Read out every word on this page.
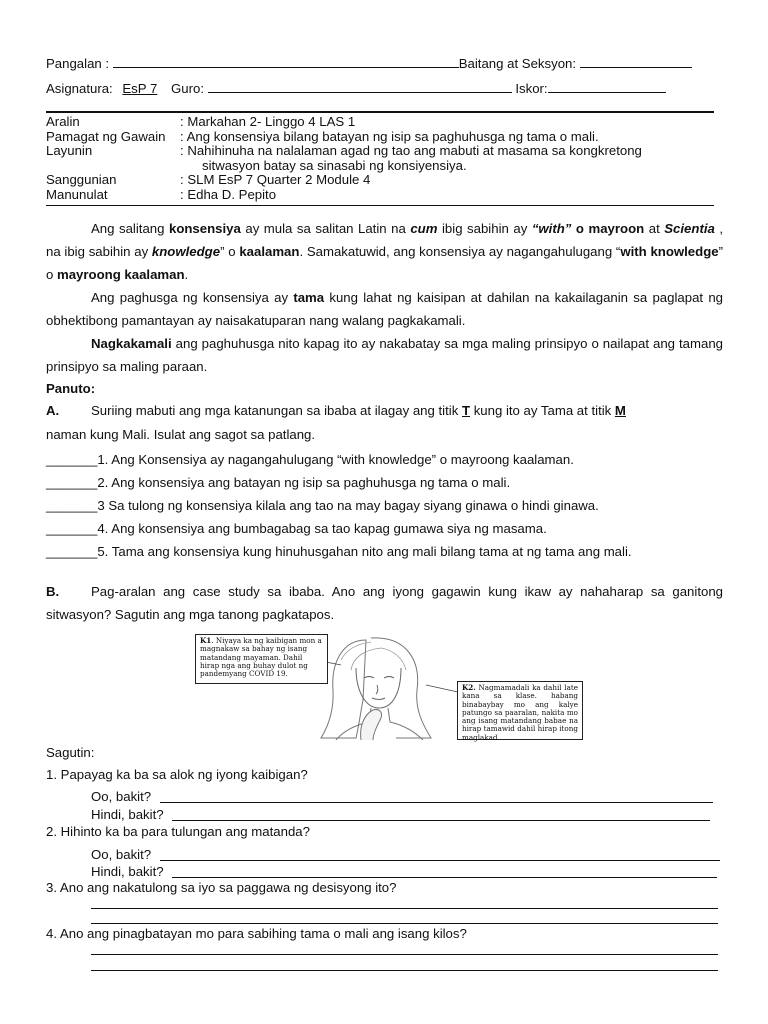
Pangalan :	Baitang at Seksyon:
Asignatura: EsP 7 Guro:	Iskor:
Aralin	: Markahan 2- Linggo 4 LAS 1
Pamagat ng Gawain : Ang konsensiya bilang batayan ng isip sa paghuhusga ng tama o mali.
Layunin	: Nahihinuha na nalalaman agad ng tao ang mabuti at masama sa kongkretong
sitwasyon batay sa sinasabi ng konsiyensiya.
Sanggunian	: SLM EsP 7 Quarter 2 Module 4
Manunulat	: Edha D. Pepito
Ang salitang konsensiya ay mula sa salitan Latin na cum ibig sabihin ay “with” o mayroon at Scientia , na ibig sabihin ay knowledge” o kaalaman. Samakatuwid, ang konsensiya ay nagangahulugang “with knowledge” o mayroong kaalaman.
Ang paghusga ng konsensiya ay tama kung lahat ng kaisipan at dahilan na kakailaganin sa paglapat ng obhektibong pamantayan ay naisakatuparan nang walang pagkakamali.
Nagkakamali ang paghuhusga nito kapag ito ay nakabatay sa mga maling prinsipyo o nailapat ang tamang prinsipyo sa maling paraan.
Panuto:
A. Suriing mabuti ang mga katanungan sa ibaba at ilagay ang titik T kung ito ay Tama at titik M
naman kung Mali. Isulat ang sagot sa patlang.
_______1. Ang Konsensiya ay nagangahulugang “with knowledge” o mayroong kaalaman.
_______2. Ang konsensiya ang batayan ng isip sa paghuhusga ng tama o mali.
_______3 Sa tulong ng konsensiya kilala ang tao na may bagay siyang ginawa o hindi ginawa.
_______4. Ang konsensiya ang bumbagabag sa tao kapag gumawa siya ng masama.
_______5. Tama ang konsensiya kung hinuhusgahan nito ang mali bilang tama at ng tama ang mali.
B.	Pag-aralan ang case study sa ibaba. Ano ang iyong gagawin kung ikaw ay nahaharap sa ganitong sitwasyon? Sagutin ang mga tanong pagkatapos.
K1. Niyaya ka ng kaibigan mon a magnakaw sa bahay ng isang matandang mayaman. Dahil hirap nga ang buhay dulot ng pandemyang COVID 19.
K2. Nagmamadali ka dahil late kana sa klase. habang binabaybay mo ang kalye patungo sa paaralan, nakita mo ang isang matandang babae na hirap tamawid dahil hirap itong maglakad.
Sagutin:
1. Papayag ka ba sa alok ng iyong kaibigan?
Oo, bakit?
Hindi, bakit?
2. Hihinto ka ba para tulungan ang matanda?
Oo, bakit?
Hindi, bakit?
3. Ano ang nakatulong sa iyo sa paggawa ng desisyong ito?
4. Ano ang pinagbatayan mo para sabihing tama o mali ang isang kilos?
